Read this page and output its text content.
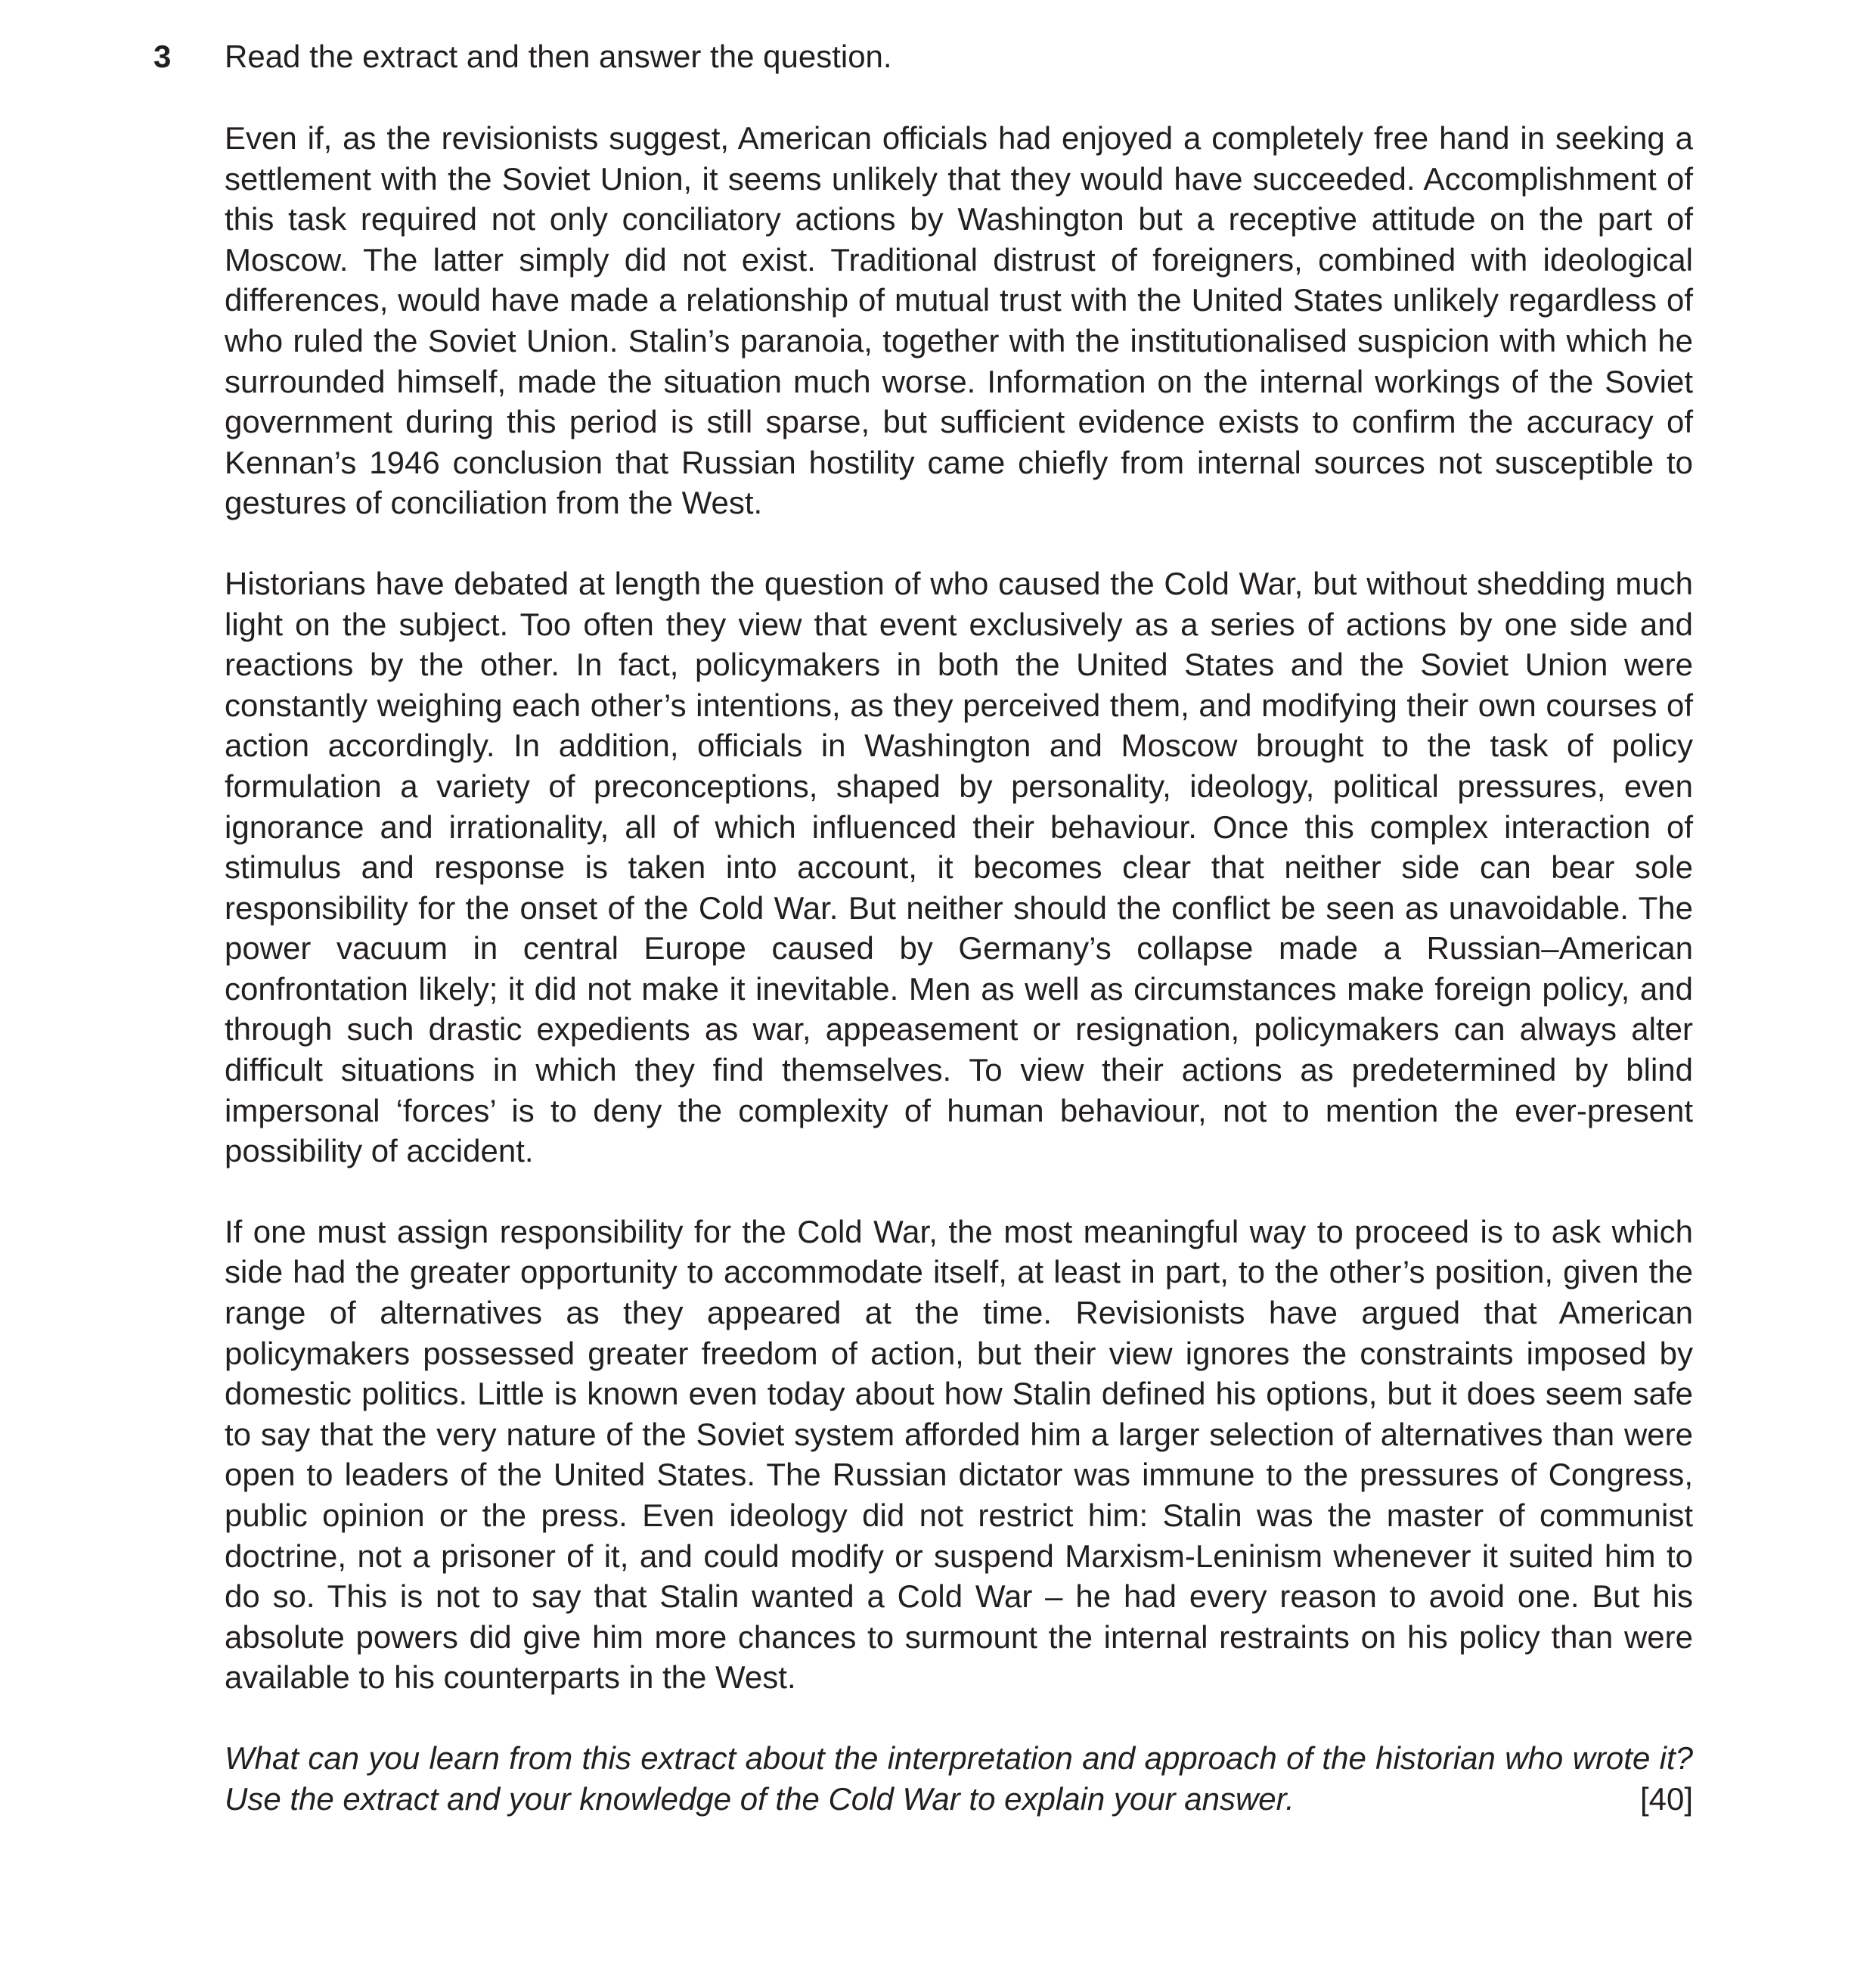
3 Read the extract and then answer the question.

Even if, as the revisionists suggest, American officials had enjoyed a completely free hand in seeking a settlement with the Soviet Union, it seems unlikely that they would have succeeded. Accomplishment of this task required not only conciliatory actions by Washington but a receptive attitude on the part of Moscow. The latter simply did not exist. Traditional distrust of foreigners, combined with ideological differences, would have made a relationship of mutual trust with the United States unlikely regardless of who ruled the Soviet Union. Stalin’s paranoia, together with the institutionalised suspicion with which he surrounded himself, made the situation much worse. Information on the internal workings of the Soviet government during this period is still sparse, but sufficient evidence exists to confirm the accuracy of Kennan’s 1946 conclusion that Russian hostility came chiefly from internal sources not susceptible to gestures of conciliation from the West.

Historians have debated at length the question of who caused the Cold War, but without shedding much light on the subject. Too often they view that event exclusively as a series of actions by one side and reactions by the other. In fact, policymakers in both the United States and the Soviet Union were constantly weighing each other’s intentions, as they perceived them, and modifying their own courses of action accordingly. In addition, officials in Washington and Moscow brought to the task of policy formulation a variety of preconceptions, shaped by personality, ideology, political pressures, even ignorance and irrationality, all of which influenced their behaviour. Once this complex interaction of stimulus and response is taken into account, it becomes clear that neither side can bear sole responsibility for the onset of the Cold War. But neither should the conflict be seen as unavoidable. The power vacuum in central Europe caused by Germany’s collapse made a Russian–American confrontation likely; it did not make it inevitable. Men as well as circumstances make foreign policy, and through such drastic expedients as war, appeasement or resignation, policymakers can always alter difficult situations in which they find themselves. To view their actions as predetermined by blind impersonal ‘forces’ is to deny the complexity of human behaviour, not to mention the ever-present possibility of accident.

If one must assign responsibility for the Cold War, the most meaningful way to proceed is to ask which side had the greater opportunity to accommodate itself, at least in part, to the other’s position, given the range of alternatives as they appeared at the time. Revisionists have argued that American policymakers possessed greater freedom of action, but their view ignores the constraints imposed by domestic politics. Little is known even today about how Stalin defined his options, but it does seem safe to say that the very nature of the Soviet system afforded him a larger selection of alternatives than were open to leaders of the United States. The Russian dictator was immune to the pressures of Congress, public opinion or the press. Even ideology did not restrict him: Stalin was the master of communist doctrine, not a prisoner of it, and could modify or suspend Marxism-Leninism whenever it suited him to do so. This is not to say that Stalin wanted a Cold War – he had every reason to avoid one. But his absolute powers did give him more chances to surmount the internal restraints on his policy than were available to his counterparts in the West.

What can you learn from this extract about the interpretation and approach of the historian who wrote it? Use the extract and your knowledge of the Cold War to explain your answer.	[40]
